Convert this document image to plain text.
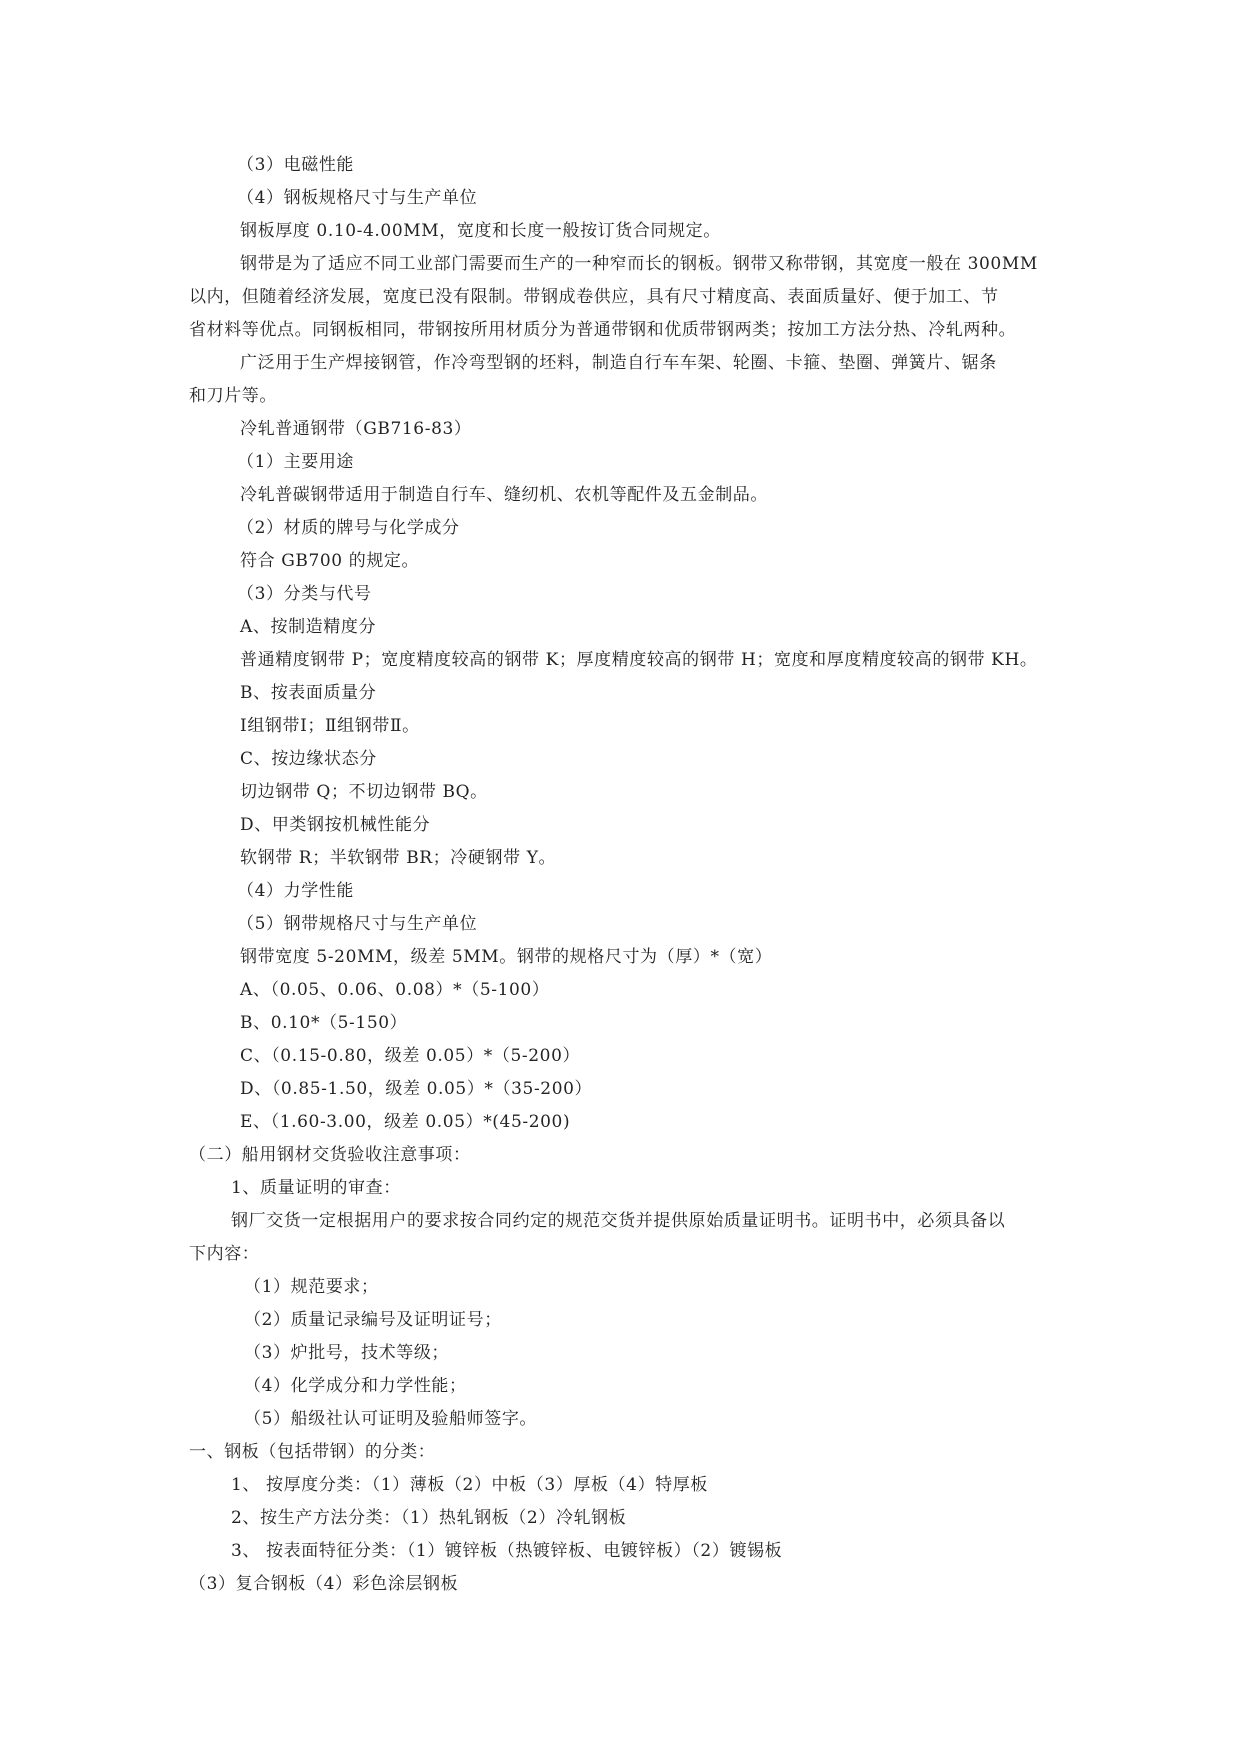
（3）电磁性能
（4）钢板规格尺寸与生产单位
钢板厚度 0.10-4.00MM，宽度和长度一般按订货合同规定。
钢带是为了适应不同工业部门需要而生产的一种窄而长的钢板。钢带又称带钢，其宽度一般在 300MM
以内，但随着经济发展，宽度已没有限制。带钢成卷供应，具有尺寸精度高、表面质量好、便于加工、节
省材料等优点。同钢板相同，带钢按所用材质分为普通带钢和优质带钢两类；按加工方法分热、冷轧两种。
广泛用于生产焊接钢管，作冷弯型钢的坯料，制造自行车车架、轮圈、卡箍、垫圈、弹簧片、锯条
和刀片等。
冷轧普通钢带（GB716-83）
（1）主要用途
冷轧普碳钢带适用于制造自行车、缝纫机、农机等配件及五金制品。
（2）材质的牌号与化学成分
符合 GB700 的规定。
（3）分类与代号
A、按制造精度分
普通精度钢带 P；宽度精度较高的钢带 K；厚度精度较高的钢带 H；宽度和厚度精度较高的钢带 KH。
B、按表面质量分
Ⅰ组钢带Ⅰ；Ⅱ组钢带Ⅱ。
C、按边缘状态分
切边钢带 Q；不切边钢带 BQ。
D、甲类钢按机械性能分
软钢带 R；半软钢带 BR；冷硬钢带 Y。
（4）力学性能
（5）钢带规格尺寸与生产单位
钢带宽度 5-20MM，级差 5MM。钢带的规格尺寸为（厚）*（宽）
A、（0.05、0.06、0.08）*（5-100）
B、0.10*（5-150）
C、（0.15-0.80，级差 0.05）*（5-200）
D、（0.85-1.50，级差 0.05）*（35-200）
E、（1.60-3.00，级差 0.05）*(45-200)
（二）船用钢材交货验收注意事项：
1、质量证明的审查：
钢厂交货一定根据用户的要求按合同约定的规范交货并提供原始质量证明书。证明书中，必须具备以
下内容：
（1）规范要求；
（2）质量记录编号及证明证号；
（3）炉批号，技术等级；
（4）化学成分和力学性能；
（5）船级社认可证明及验船师签字。
一、钢板（包括带钢）的分类：
1、 按厚度分类：（1）薄板（2）中板（3）厚板（4）特厚板
2、按生产方法分类：（1）热轧钢板（2）冷轧钢板
3、 按表面特征分类：（1）镀锌板（热镀锌板、电镀锌板）（2）镀锡板
（3）复合钢板（4）彩色涂层钢板
